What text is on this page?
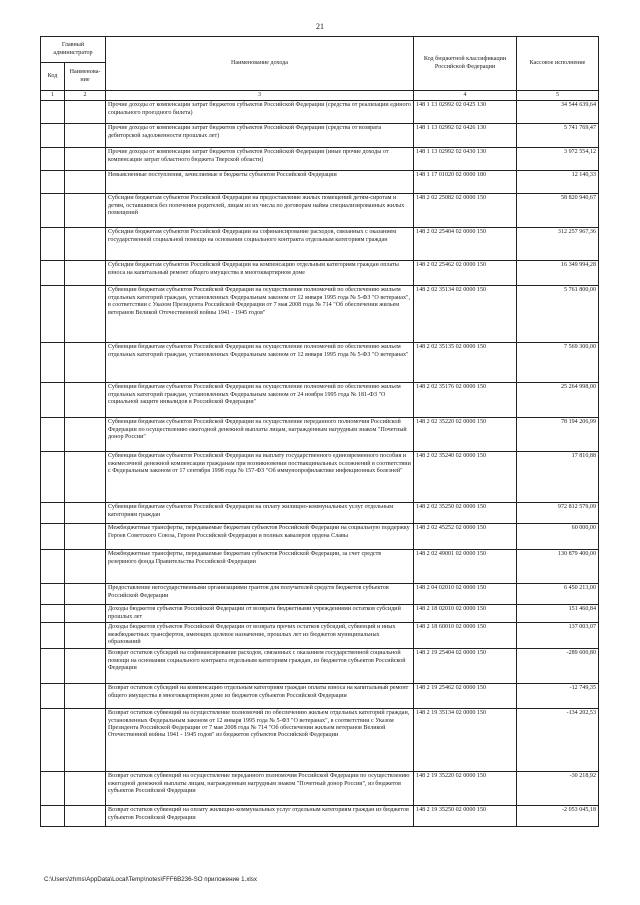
21
Главный администратор		Наименование дохода	Код бюджетной классификации Российской Федерации	Кассовое исполнение
Код	Наименова-ние			
1	2	3	4	5
		Прочие доходы от компенсации затрат бюджетов субъектов Российской Федерации (средства от реализации единого социального проездного билета)	148 1 13 02992 02 0425 130	34 544 639,64
		Прочие доходы от компенсации затрат бюджетов субъектов Российской Федерации (средства от возврата дебиторской задолженности прошлых лет)	148 1 13 02992 02 0426 130	5 741 769,47
		Прочие доходы от компенсации затрат бюджетов субъектов Российской Федерации (иные прочие доходы от компенсации затрат областного бюджета Тверской области)	148 1 13 02992 02 0430 130	3 972 554,12
		Невыясненные поступления, зачисляемые в бюджеты субъектов Российской Федерации	148 1 17 01020 02 0000 180	12 140,33
		Субсидии бюджетам субъектов Российской Федерации на предоставление жилых помещений детям-сиротам и детям, оставшимся без попечения родителей, лицам из их числа по договорам найма специализированных жилых помещений	148 2 02 25082 02 0000 150	58 820 940,67
		Субсидии бюджетам субъектов Российской Федерации на софинансирование расходов, связанных с оказанием государственной социальной помощи на основании социального контракта отдельным категориям граждан	148 2 02 25404 02 0000 150	312 257 967,36
		Субсидии бюджетам субъектов Российской Федерации на компенсацию отдельным категориям граждан оплаты взноса на капитальный ремонт общего имущества в многоквартирном доме	148 2 02 25462 02 0000 150	16 349 994,28
		Субвенции бюджетам субъектов Российской Федерации на осуществление полномочий по обеспечению жильем отдельных категорий граждан, установленных Федеральным законом от 12 января 1995 года № 5-ФЗ "О ветеранах", в соответствии с Указом Президента Российской Федерации от 7 мая 2008 года № 714 "Об обеспечении жильем ветеранов Великой Отечественной войны 1941 - 1945 годов"	148 2 02 35134 02 0000 150	5 761 800,00
		Субвенции бюджетам субъектов Российской Федерации на осуществление полномочий по обеспечению жильем отдельных категорий граждан, установленных Федеральным законом от 12 января 1995 года № 5-ФЗ "О ветеранах"	148 2 02 35135 02 0000 150	7 569 300,00
		Субвенции бюджетам субъектов Российской Федерации на осуществление полномочий по обеспечению жильем отдельных категорий граждан, установленных Федеральным законом от 24 ноября 1995 года № 181-ФЗ "О социальной защите инвалидов в Российской Федерации"	148 2 02 35176 02 0000 150	25 264 998,00
		Субвенции бюджетам субъектов Российской Федерации на осуществление переданного полномочия Российской Федерации по осуществлению ежегодной денежной выплаты лицам, награжденным нагрудным знаком "Почетный донор России"	148 2 02 35220 02 0000 150	78 194 206,99
		Субвенции бюджетам субъектов Российской Федерации на выплату государственного единовременного пособия и ежемесячной денежной компенсации гражданам при возникновении поствакцинальных осложнений в соответствии с Федеральным законом от 17 сентября 1998 года № 157-ФЗ "Об иммунопрофилактике инфекционных болезней"	148 2 02 35240 02 0000 150	17 810,88
		Субвенции бюджетам субъектов Российской Федерации на оплату жилищно-коммунальных услуг отдельным категориям граждан	148 2 02 35250 02 0000 150	972 812 579,09
		Межбюджетные трансферты, передаваемые бюджетам субъектов Российской Федерации на социальную поддержку Героев Советского Союза, Героев Российской Федерации и полных кавалеров ордена Славы	148 2 02 45252 02 0000 150	60 000,00
		Межбюджетные трансферты, передаваемые бюджетам субъектов Российской Федерации, за счет средств резервного фонда Правительства Российской Федерации	148 2 02 49001 02 0000 150	130 879 400,00
		Предоставление негосударственными организациями грантов для получателей средств бюджетов субъектов Российской Федерации	148 2 04 02010 02 0000 150	6 450 213,00
		Доходы бюджетов субъектов Российской Федерации от возврата бюджетными учреждениями остатков субсидий прошлых лет	148 2 18 02010 02 0000 150	151 460,84
		Доходы бюджетов субъектов Российской Федерации от возврата прочих остатков субсидий, субвенций и иных межбюджетных трансфертов, имеющих целевое назначение, прошлых лет из бюджетов муниципальных образований	148 2 18 60010 02 0000 150	137 003,07
		Возврат остатков субсидий на софинансирование расходов, связанных с оказанием государственной социальной помощи на основании социального контракта отдельным категориям граждан, из бюджетов субъектов Российской Федерации	148 2 19 25404 02 0000 150	-289 600,80
		Возврат остатков субсидий на компенсацию отдельным категориям граждан оплаты взноса на капитальный ремонт общего имущества в многоквартирном доме из бюджетов субъектов Российской Федерации	148 2 19 25462 02 0000 150	-12 749,35
		Возврат остатков субвенций на осуществление полномочий по обеспечению жильем отдельных категорий граждан, установленных Федеральным законом от 12 января 1995 года № 5-ФЗ "О ветеранах", в соответствии с Указом Президента Российской Федерации от 7 мая 2008 года № 714 "Об обеспечении жильем ветеранов Великой Отечественной войны 1941 - 1945 годов" из бюджетов субъектов Российской Федерации	148 2 19 35134 02 0000 150	-134 202,53
		Возврат остатков субвенций на осуществление переданного полномочия Российской Федерации по осуществлению ежегодной денежной выплаты лицам, награжденным нагрудным знаком "Почетный донор России", из бюджетов субъектов Российской Федерации	148 2 19 35220 02 0000 150	-30 218,92
		Возврат остатков субвенций на оплату жилищно-коммунальных услуг отдельным категориям граждан из бюджетов субъектов Российской Федерации	148 2 19 35250 02 0000 150	-2 053 045,18
C:\Users\zhms\AppData\Local\Temp\notes\FFF6B236-SO приложение 1.xlsx
